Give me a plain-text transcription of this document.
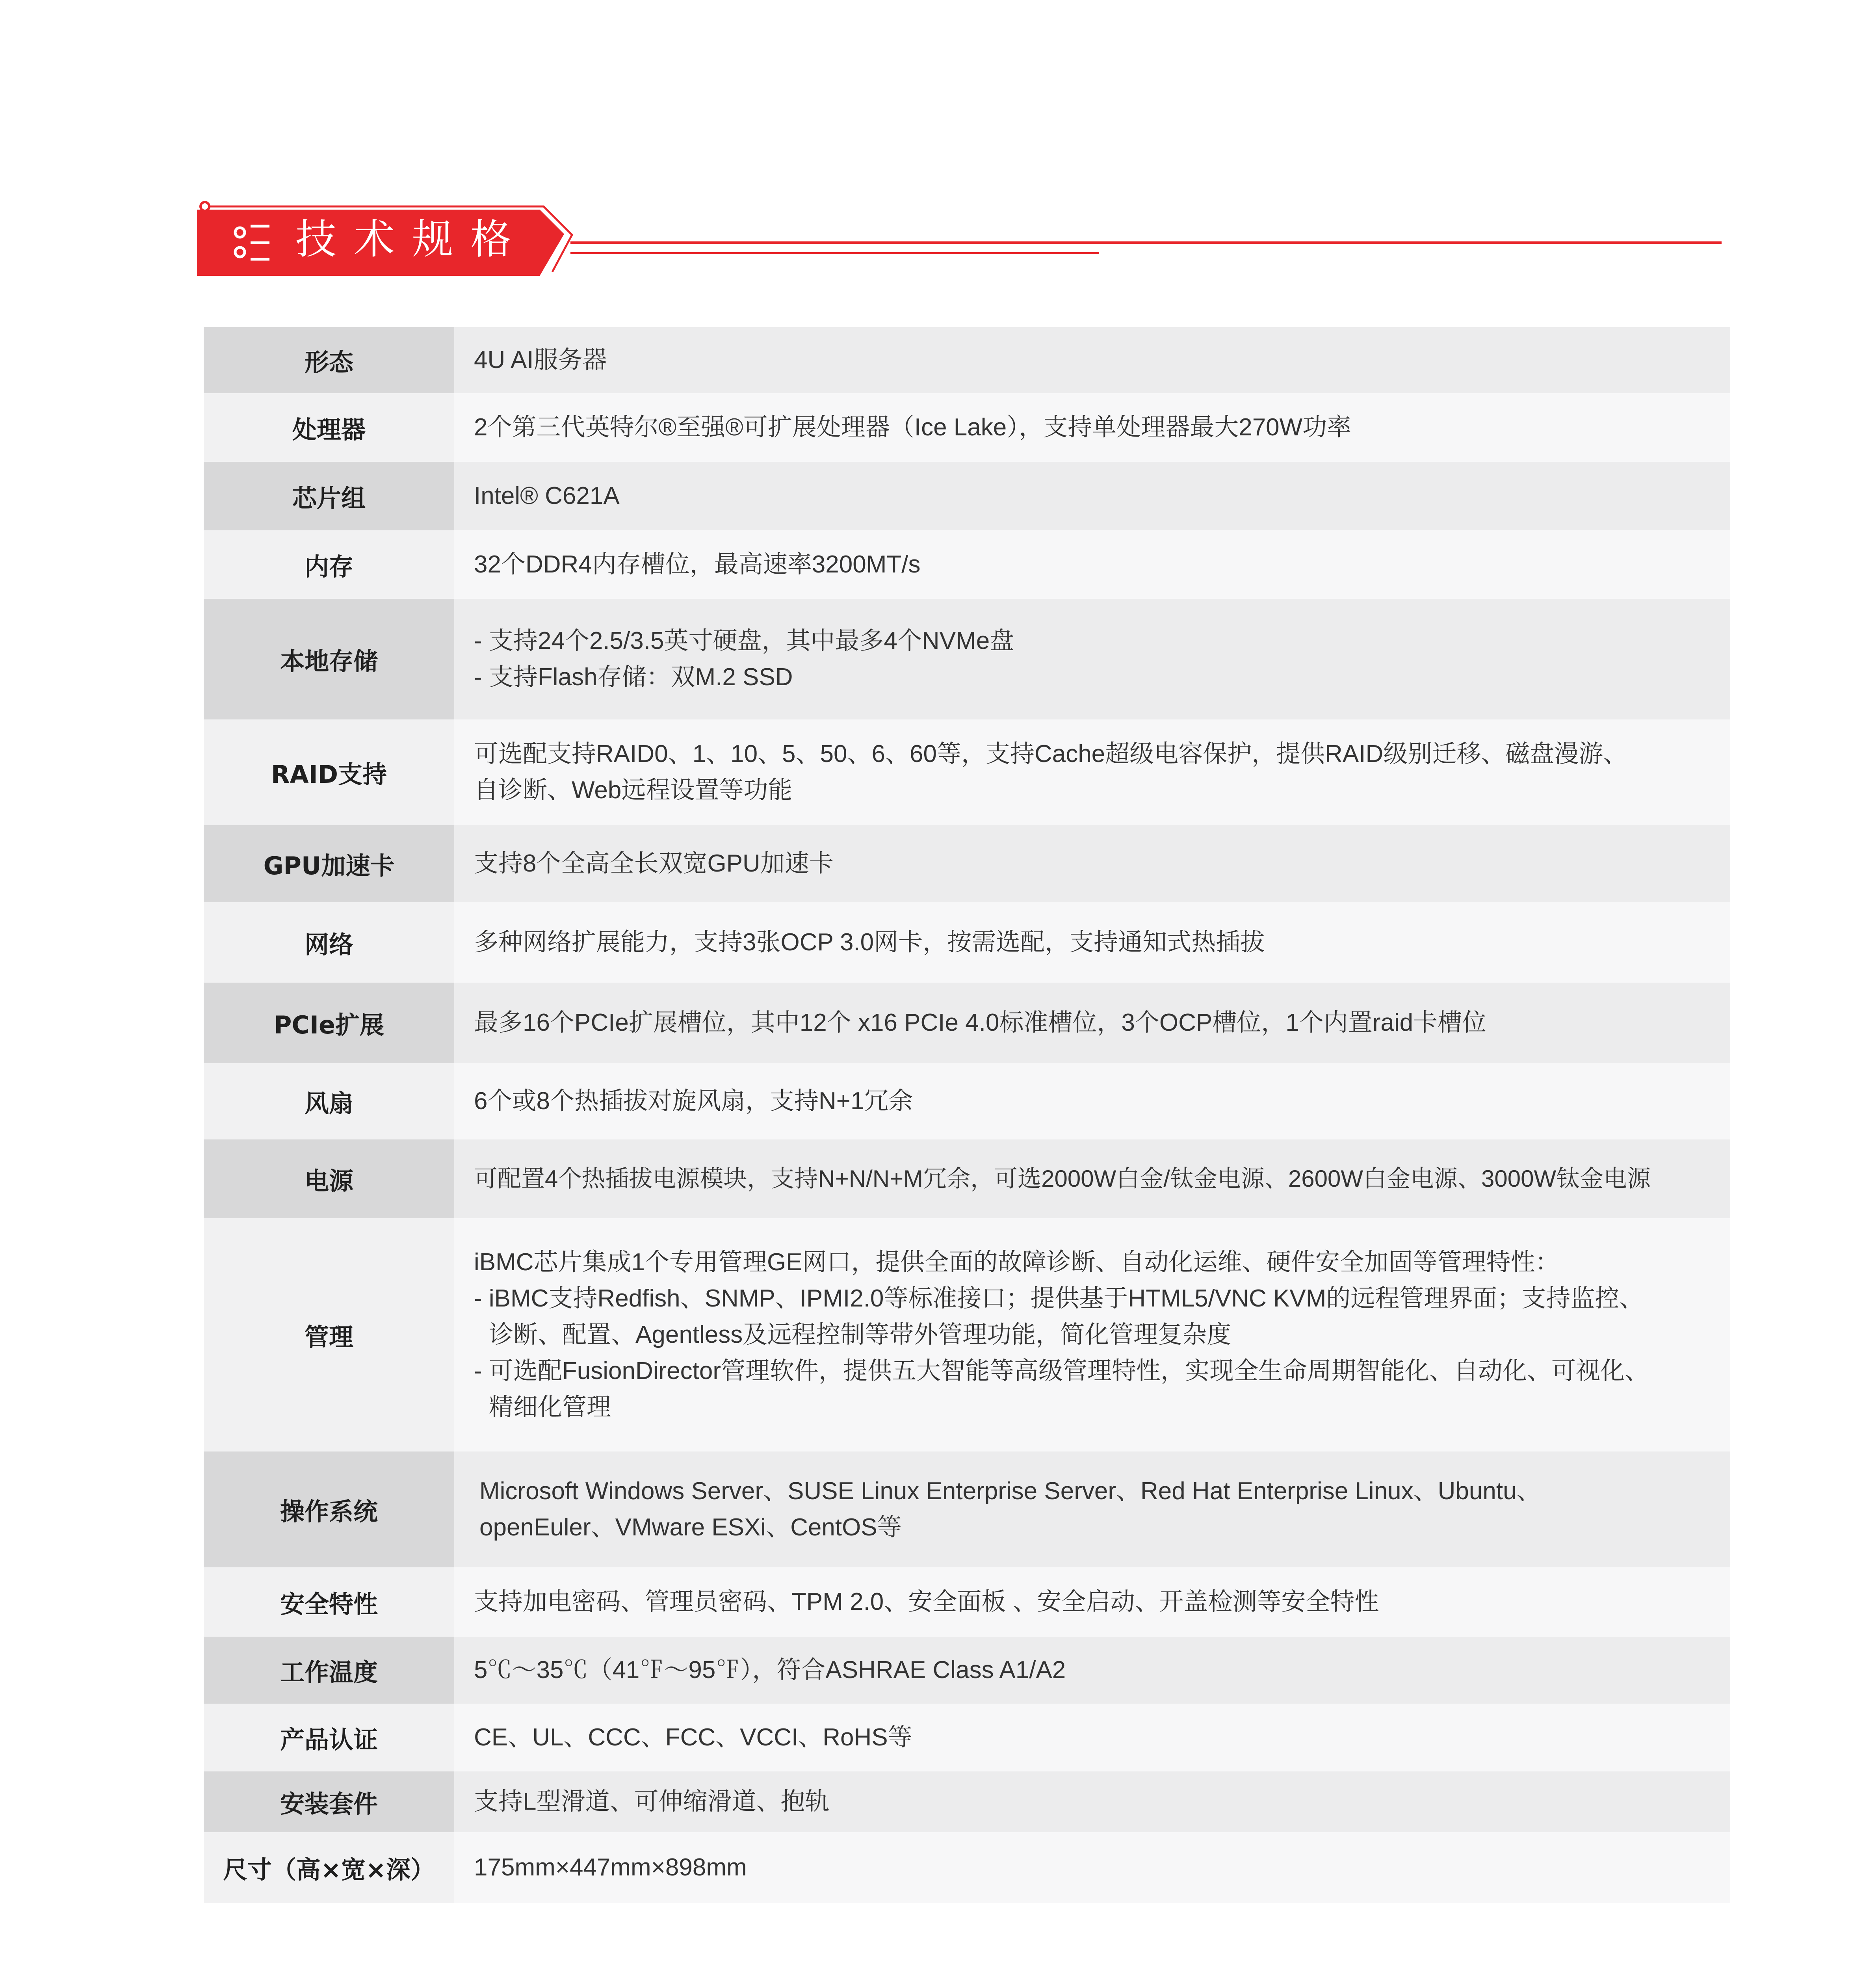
技术规格
形态	4U AI服务器

处理器	2个第三代英特尔®至强®可扩展处理器（Ice Lake），支持单处理器最大270W功率

芯片组	Intel® C621A

内存	32个DDR4内存槽位，最高速率3200MT/s

本地存储	- 支持24个2.5/3.5英寸硬盘，其中最多4个NVMe盘
- 支持Flash存储：双M.2 SSD

RAID支持	可选配支持RAID0、1、10、5、50、6、60等，支持Cache超级电容保护，提供RAID级别迁移、磁盘漫游、
自诊断、Web远程设置等功能

GPU加速卡	支持8个全高全长双宽GPU加速卡

网络	多种网络扩展能力，支持3张OCP 3.0网卡，按需选配，支持通知式热插拔

PCIe扩展	最多16个PCIe扩展槽位，其中12个 x16 PCIe 4.0标准槽位，3个OCP槽位，1个内置raid卡槽位

风扇	6个或8个热插拔对旋风扇，支持N+1冗余

电源	可配置4个热插拔电源模块，支持N+N/N+M冗余，可选2000W白金/钛金电源、2600W白金电源、3000W钛金电源

管理	iBMC芯片集成1个专用管理GE网口，提供全面的故障诊断、自动化运维、硬件安全加固等管理特性：
- iBMC支持Redfish、SNMP、IPMI2.0等标准接口；提供基于HTML5/VNC KVM的远程管理界面；支持监控、
诊断、配置、Agentless及远程控制等带外管理功能，简化管理复杂度
- 可选配FusionDirector管理软件，提供五大智能等高级管理特性，实现全生命周期智能化、自动化、可视化、
精细化管理

操作系统	Microsoft Windows Server、SUSE Linux Enterprise Server、Red Hat Enterprise Linux、Ubuntu、
openEuler、VMware ESXi、CentOS等

安全特性	支持加电密码、管理员密码、TPM 2.0、安全面板 、安全启动、开盖检测等安全特性

工作温度	5℃～35℃（41℉～95℉），符合ASHRAE Class A1/A2

产品认证	CE、UL、CCC、FCC、VCCI、RoHS等

安装套件	支持L型滑道、可伸缩滑道、抱轨

尺寸（高×宽×深）	175mm×447mm×898mm
